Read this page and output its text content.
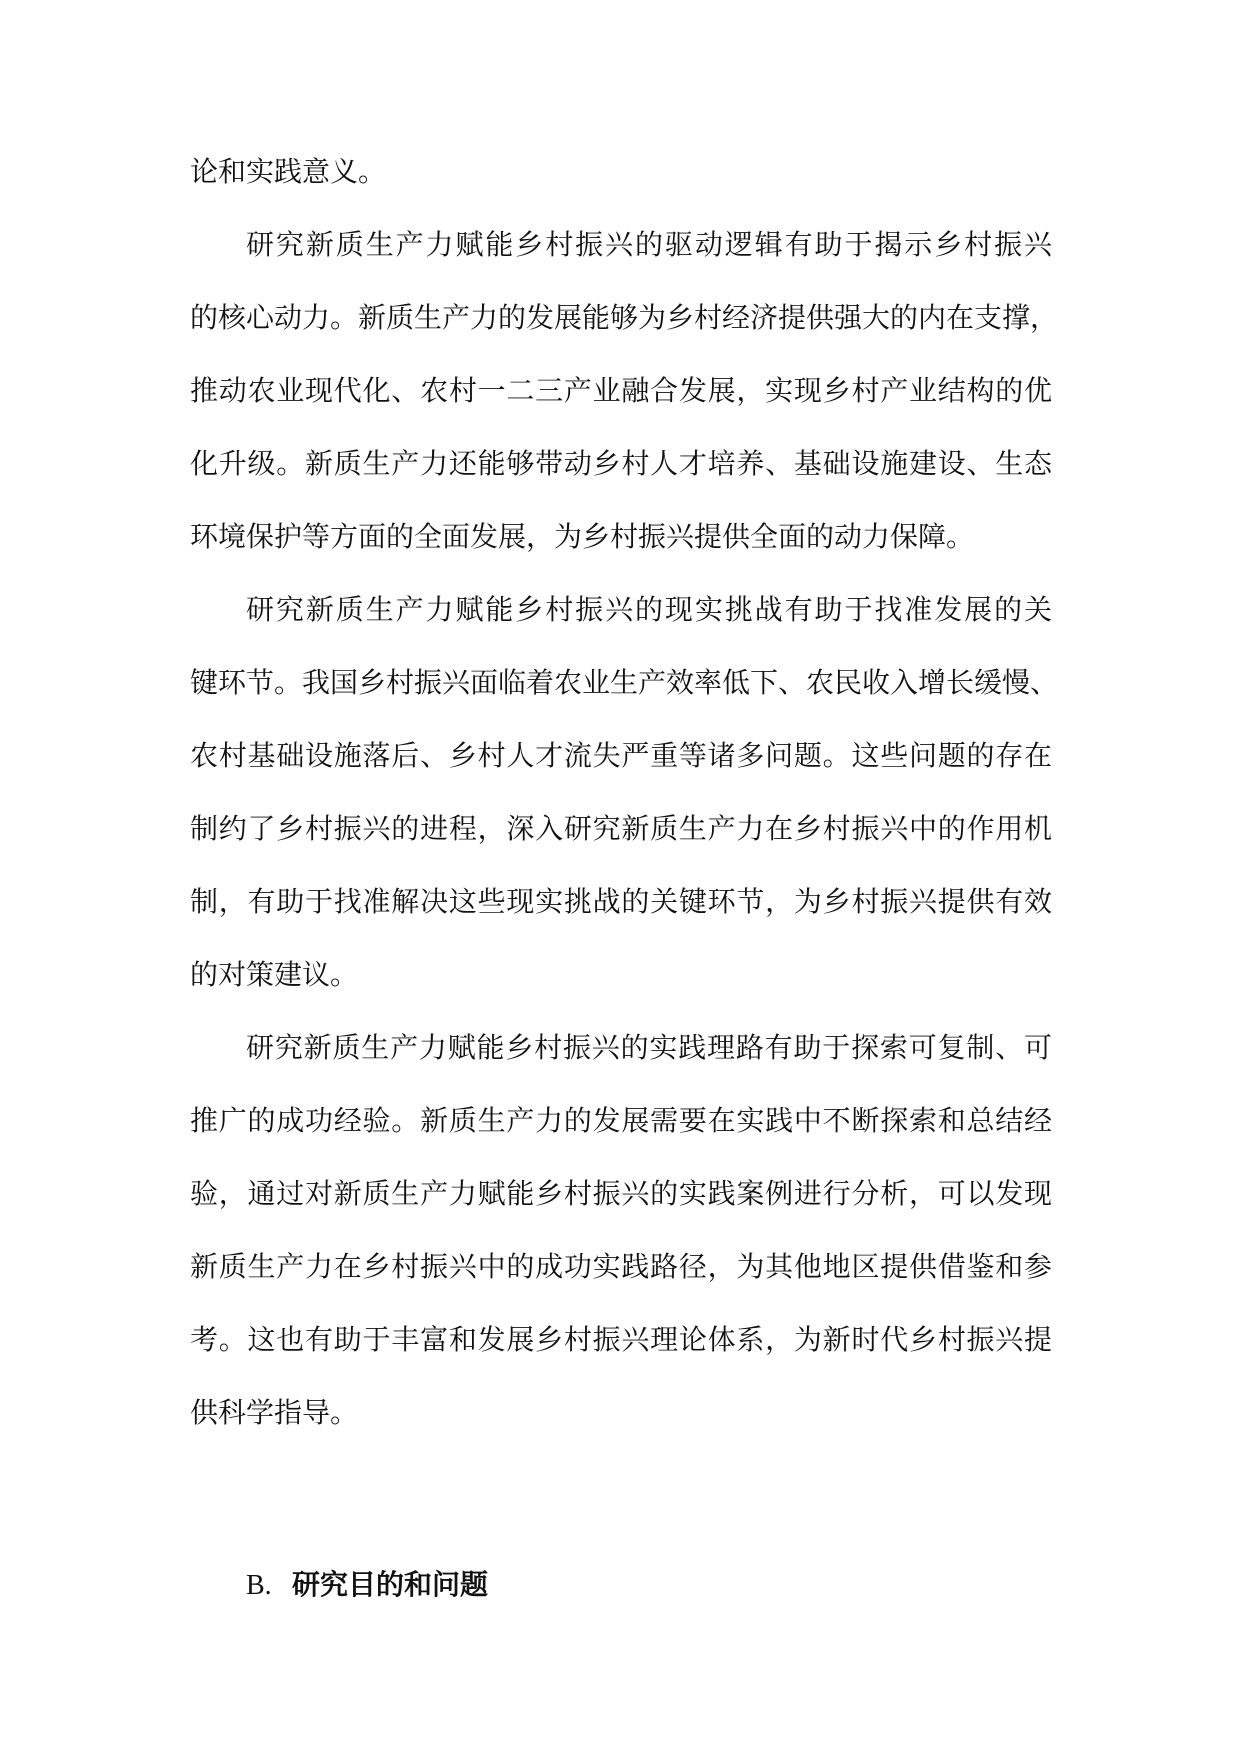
论和实践意义。
研究新质生产力赋能乡村振兴的驱动逻辑有助于揭示乡村振兴
的核心动力。新质生产力的发展能够为乡村经济提供强大的内在支撑，
推动农业现代化、农村一二三产业融合发展，实现乡村产业结构的优
化升级。新质生产力还能够带动乡村人才培养、基础设施建设、生态
环境保护等方面的全面发展，为乡村振兴提供全面的动力保障。
研究新质生产力赋能乡村振兴的现实挑战有助于找准发展的关
键环节。我国乡村振兴面临着农业生产效率低下、农民收入增长缓慢、
农村基础设施落后、乡村人才流失严重等诸多问题。这些问题的存在
制约了乡村振兴的进程，深入研究新质生产力在乡村振兴中的作用机
制，有助于找准解决这些现实挑战的关键环节，为乡村振兴提供有效
的对策建议。
研究新质生产力赋能乡村振兴的实践理路有助于探索可复制、可
推广的成功经验。新质生产力的发展需要在实践中不断探索和总结经
验，通过对新质生产力赋能乡村振兴的实践案例进行分析，可以发现
新质生产力在乡村振兴中的成功实践路径，为其他地区提供借鉴和参
考。这也有助于丰富和发展乡村振兴理论体系，为新时代乡村振兴提
供科学指导。
B. 研究目的和问题
